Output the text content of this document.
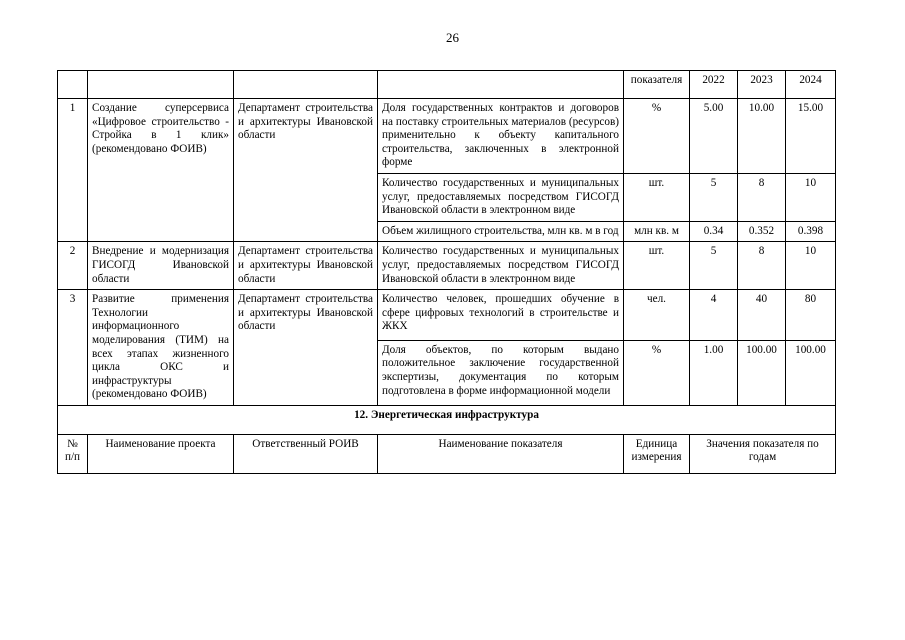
26
				показателя	2022	2023	2024
1	Создание суперсервиса «Цифровое строительство - Стройка в 1 клик» (рекомендовано ФОИВ)	Департамент строительства и архитектуры Ивановской области	Доля государственных контрактов и договоров на поставку строительных материалов (ресурсов) применительно к объекту капитального строительства, заключенных в электронной форме	%	5.00	10.00	15.00
			Количество государственных и муниципальных услуг, предоставляемых посредством ГИСОГД Ивановской области в электронном виде	шт.	5	8	10
			Объем жилищного строительства, млн кв. м в год	млн кв. м	0.34	0.352	0.398
2	Внедрение и модернизация ГИСОГД Ивановской области	Департамент строительства и архитектуры Ивановской области	Количество государственных и муниципальных услуг, предоставляемых посредством ГИСОГД Ивановской области в электронном виде	шт.	5	8	10
3	Развитие применения Технологии информационного моделирования (ТИМ) на всех этапах жизненного цикла ОКС и инфраструктуры (рекомендовано ФОИВ)	Департамент строительства и архитектуры Ивановской области	Количество человек, прошедших обучение в сфере цифровых технологий в строительстве и ЖКХ	чел.	4	40	80
			Доля объектов, по которым выдано положительное заключение государственной экспертизы, документация по которым подготовлена в форме информационной модели	%	1.00	100.00	100.00
12. Энергетическая инфраструктура							
№ п/п	Наименование проекта	Ответственный РОИВ	Наименование показателя	Единица измерения	Значения показателя по годам		
